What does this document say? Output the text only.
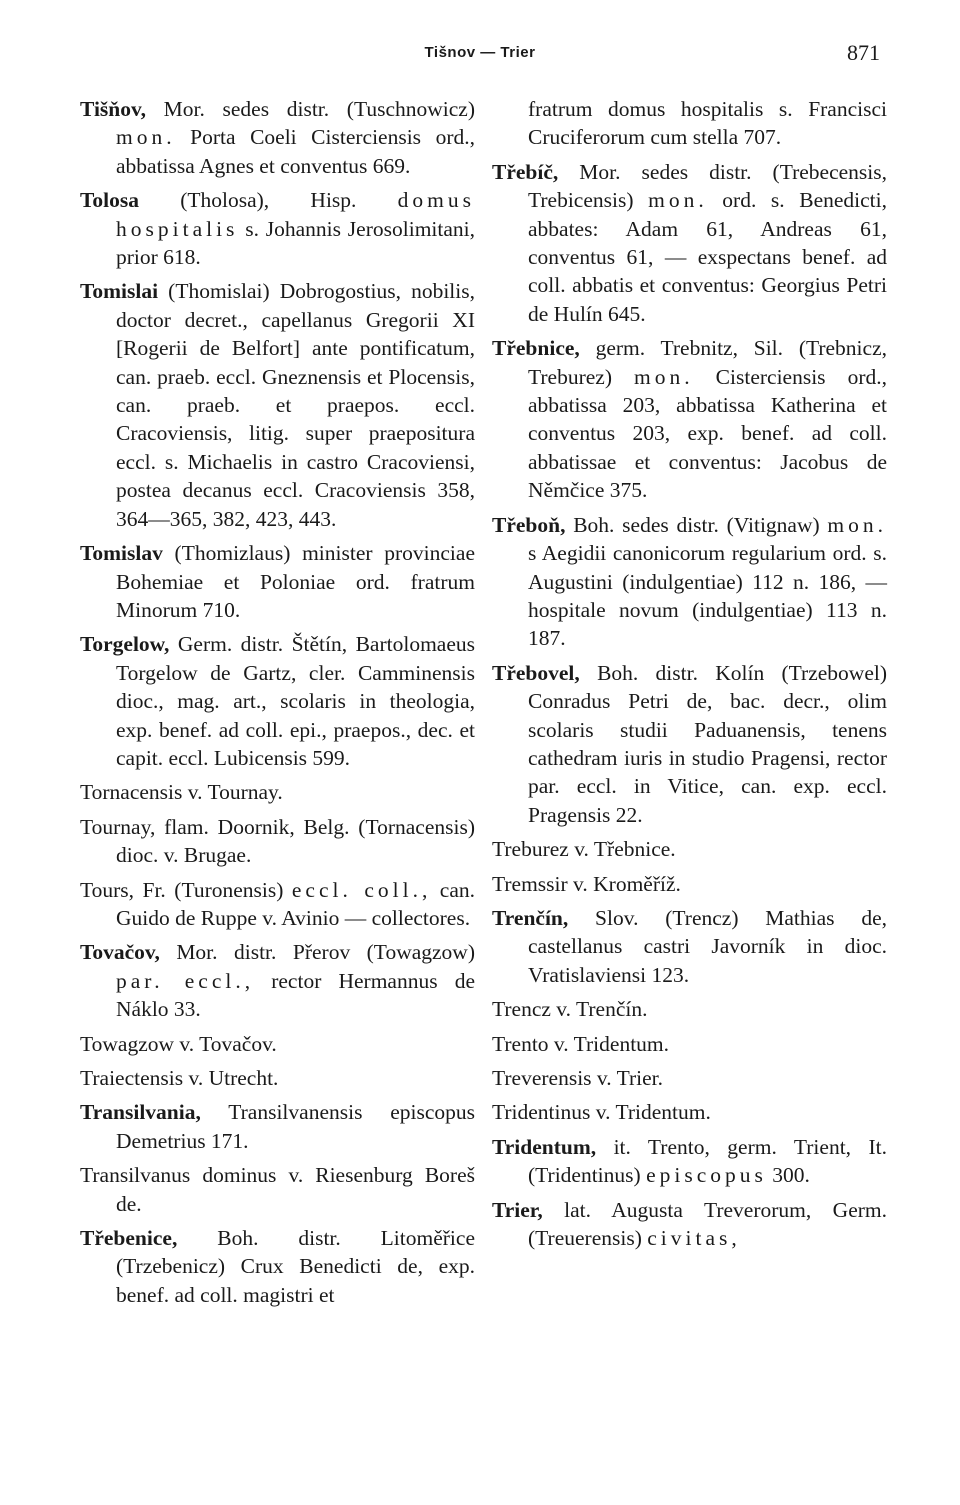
Tišnov — Trier	871

Tišňov, Mor. sedes distr. (Tuschnowicz) mon. Porta Coeli Cisterciensis ord., abbatissa Agnes et conventus 669.

Tolosa (Tholosa), Hisp. domus hospitalis s. Johannis Jerosolimitani, prior 618.

Tomislai (Thomislai) Dobrogostius, nobilis, doctor decret., capellanus Gregorii XI [Rogerii de Belfort] ante pontificatum, can. praeb. eccl. Gneznensis et Plocensis, can. praeb. et praepos. eccl. Cracoviensis, litig. super praepositura eccl. s. Michaelis in castro Cracoviensi, postea decanus eccl. Cracoviensis 358, 364—365, 382, 423, 443.

Tomislav (Thomizlaus) minister provinciae Bohemiae et Poloniae ord. fratrum Minorum 710.

Torgelow, Germ. distr. Štětín, Bartolomaeus Torgelow de Gartz, cler. Camminensis dioc., mag. art., scolaris in theologia, exp. benef. ad coll. epi., praepos., dec. et capit. eccl. Lubicensis 599.

Tornacensis v. Tournay.

Tournay, flam. Doornik, Belg. (Tornacensis) dioc. v. Brugae.

Tours, Fr. (Turonensis) eccl. coll., can. Guido de Ruppe v. Avinio — collectores.

Tovačov, Mor. distr. Přerov (Towagzow) par. eccl., rector Hermannus de Náklo 33.

Towagzow v. Tovačov.

Traiectensis v. Utrecht.

Transilvania, Transilvanensis episcopus Demetrius 171.

Transilvanus dominus v. Riesenburg Boreš de.

Třebenice, Boh. distr. Litoměřice (Trzebenicz) Crux Benedicti de, exp. benef. ad coll. magistri et

fratrum domus hospitalis s. Francisci Cruciferorum cum stella 707.

Třebíč, Mor. sedes distr. (Trebecensis, Trebicensis) mon. ord. s. Benedicti, abbates: Adam 61, Andreas 61, conventus 61, — exspectans benef. ad coll. abbatis et conventus: Georgius Petri de Hulín 645.

Třebnice, germ. Trebnitz, Sil. (Trebnicz, Treburez) mon. Cisterciensis ord., abbatissa 203, abbatissa Katherina et conventus 203, exp. benef. ad coll. abbatissae et conventus: Jacobus de Němčice 375.

Třeboň, Boh. sedes distr. (Vitignaw) mon. s Aegidii canonicorum regularium ord. s. Augustini (indulgentiae) 112 n. 186, — hospitale novum (indulgentiae) 113 n. 187.

Třebovel, Boh. distr. Kolín (Trzebowel) Conradus Petri de, bac. decr., olim scolaris studii Paduanensis, tenens cathedram iuris in studio Pragensi, rector par. eccl. in Vitice, can. exp. eccl. Pragensis 22.

Treburez v. Třebnice.

Tremssir v. Kroměříž.

Trenčín, Slov. (Trencz) Mathias de, castellanus castri Javorník in dioc. Vratislaviensi 123.

Trencz v. Trenčín.

Trento v. Tridentum.

Treverensis v. Trier.

Tridentinus v. Tridentum.

Tridentum, it. Trento, germ. Trient, It. (Tridentinus) episcopus 300.

Trier, lat. Augusta Treverorum, Germ. (Treuerensis) civitas,
